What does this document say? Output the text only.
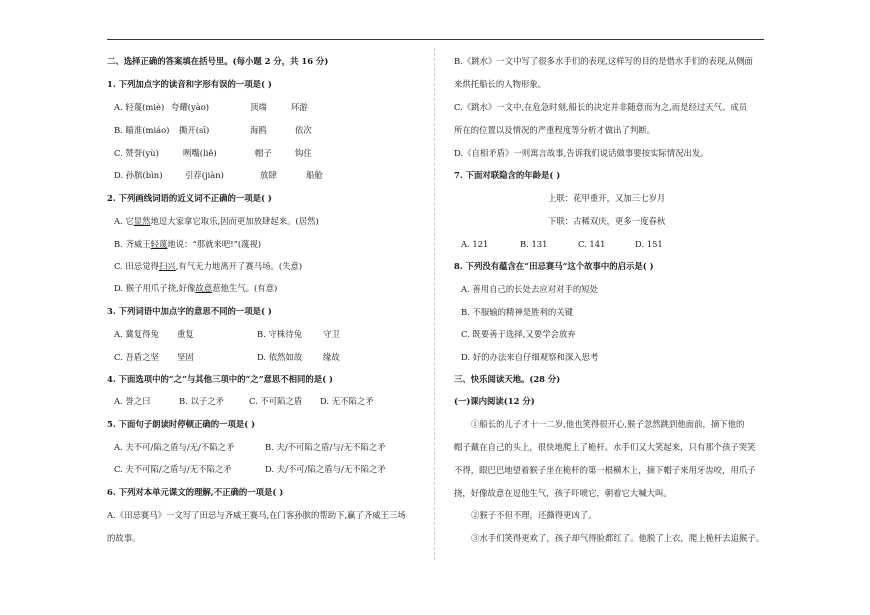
二、选择正确的答案填在括号里。(每小题 2 分，共 16 分)
1. 下列加点字的读音和字形有误的一项是( )
A. 轻蔑(miè) 夸耀(yào)	顶端	环游
B. 瞄准(miáo) 撕开(sī)	海鸥	依次
C. 赞誉(yù)	咧嘴(liě)	帽子	钩住
D. 孙膑(bìn)	引荐(jiàn)	放肆	船舱
2. 下列画线词语的近义词不正确的一项是( )
A. 它显然地逗大家拿它取乐,因而更加放肆起来。(居然)
B. 齐威王轻蔑地说：“那就来吧!”(蔑视)
C. 田忌觉得扫兴,有气无力地离开了赛马场。(失意)
D. 猴子用爪子挠,好像故意惹他生气。(有意)
3. 下列词语中加点字的意思不同的一项是( )
A. 冀复得兔 重复	B. 守株待兔	守卫
C. 吾盾之坚 坚固	D. 依然如故 缘故
4. 下面选项中的“之”与其他三项中的“之”意思不相同的是( )
A. 誉之曰	B. 以子之矛	C. 不可陷之盾 D. 无不陷之矛
5. 下面句子朗读时停顿正确的一项是( )
A. 夫不可/陷之盾与/无/不陷之矛	B. 夫/不可陷之盾/与/无不陷之矛
C. 夫不可陷/之盾与/无不陷之矛	D. 夫/不可/陷之盾与/无不陷之矛
6. 下列对本单元课文的理解,不正确的一项是( )
A.《田忌赛马》一文写了田忌与齐威王赛马,在门客孙膑的帮助下,赢了齐威王三场
的故事。
B.《跳水》一文中写了很多水手们的表现,这样写的目的是借水手们的表现,从侧面
来烘托船长的人物形象。
C.《跳水》一文中,在危急时刻,船长的决定并非随意而为之,而是经过天气、成员
所在的位置以及情况的严重程度等分析才做出了判断。
D.《自相矛盾》一则寓言故事,告诉我们说话做事要按实际情况出发。
7. 下面对联隐含的年龄是( )
上联：花甲重开，又加三七岁月
下联：古稀双庆，更多一度春秋
A. 121	B. 131	C. 141	D. 151
8. 下列没有蕴含在“田忌赛马”这个故事中的启示是( )
A. 善用自己的长处去应对对手的短处
B. 不服输的精神是胜利的关键
C. 既要善于选择,又要学会放弃
D. 好的办法来自仔细观察和深入思考
三、快乐阅读天地。(28 分)
(一)课内阅读(12 分)
①船长的儿子才十一二岁,他也笑得很开心,猴子忽然跳到他面前，摘下他的
帽子戴在自己的头上，很快地爬上了桅杆。水手们又大笑起来，只有那个孩子哭笑
不得，眼巴巴地望着猴子坐在桅杆的第一根横木上，摘下帽子来用牙齿咬，用爪子
挠，好像故意在逗他生气，孩子吓唬它，朝着它大喊大叫。
②猴子不但不理，还撕得更凶了。
③水手们笑得更欢了，孩子却气得脸都红了。他脱了上衣，爬上桅杆去追猴子。
